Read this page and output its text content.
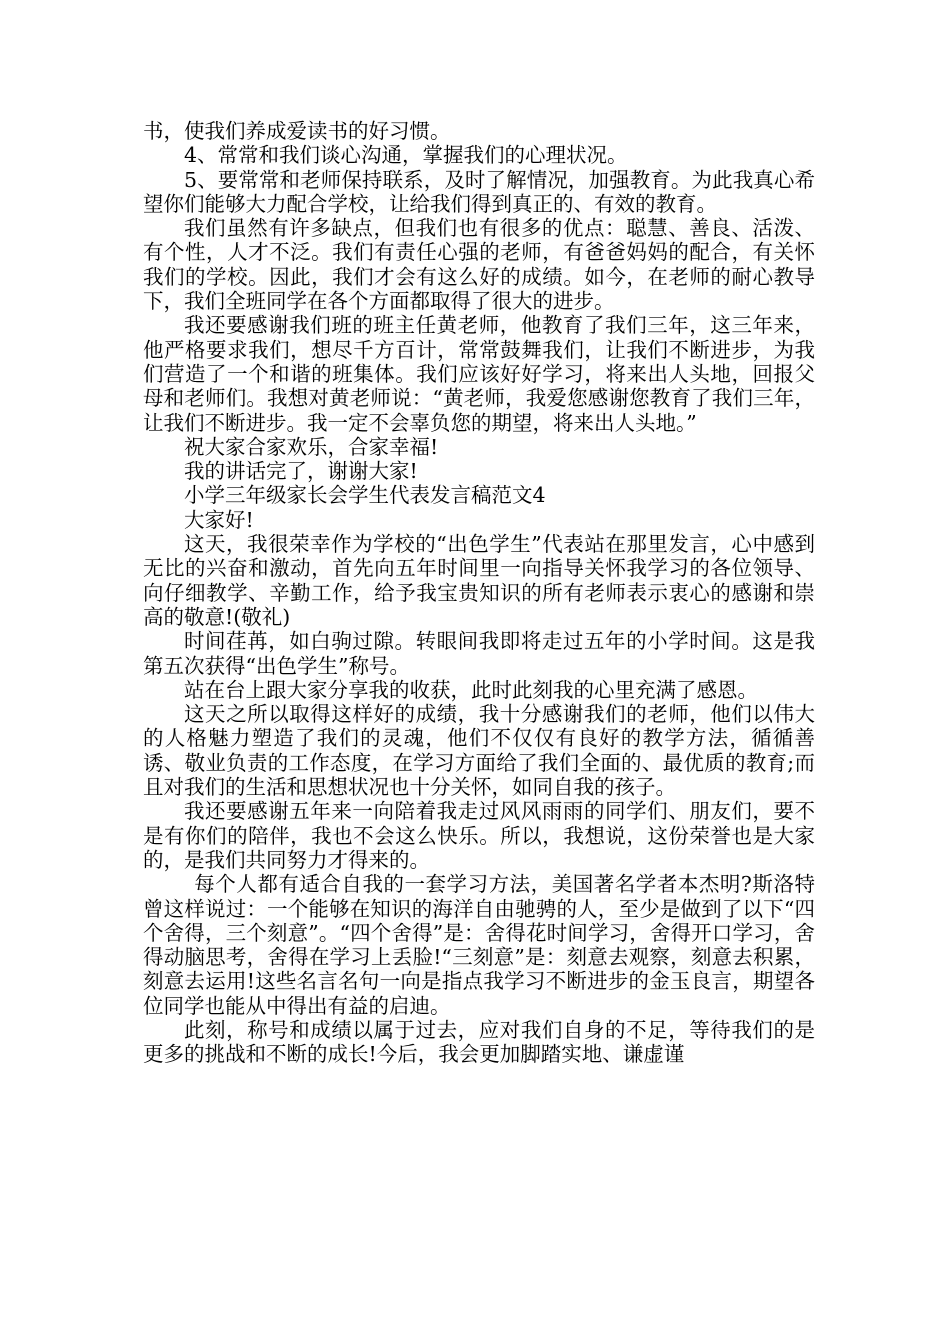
书，使我们养成爱读书的好习惯。

4、常常和我们谈心沟通，掌握我们的心理状况。

5、要常常和老师保持联系，及时了解情况，加强教育。为此我真心希望你们能够大力配合学校，让给我们得到真正的、有效的教育。

我们虽然有许多缺点，但我们也有很多的优点：聪慧、善良、活泼、有个性，人才不泛。我们有责任心强的老师，有爸爸妈妈的配合，有关怀我们的学校。因此，我们才会有这么好的成绩。如今，在老师的耐心教导下，我们全班同学在各个方面都取得了很大的进步。

我还要感谢我们班的班主任黄老师，他教育了我们三年，这三年来，他严格要求我们，想尽千方百计，常常鼓舞我们，让我们不断进步，为我们营造了一个和谐的班集体。我们应该好好学习，将来出人头地，回报父母和老师们。我想对黄老师说：“黄老师，我爱您感谢您教育了我们三年，让我们不断进步。我一定不会辜负您的期望，将来出人头地。”

祝大家合家欢乐，合家幸福!

我的讲话完了，谢谢大家!

小学三年级家长会学生代表发言稿范文4

大家好!

这天，我很荣幸作为学校的“出色学生”代表站在那里发言，心中感到无比的兴奋和激动，首先向五年时间里一向指导关怀我学习的各位领导、向仔细教学、辛勤工作，给予我宝贵知识的所有老师表示衷心的感谢和崇高的敬意!(敬礼)

时间荏苒，如白驹过隙。转眼间我即将走过五年的小学时间。这是我第五次获得“出色学生”称号。

站在台上跟大家分享我的收获，此时此刻我的心里充满了感恩。

这天之所以取得这样好的成绩，我十分感谢我们的老师，他们以伟大的人格魅力塑造了我们的灵魂，他们不仅仅有良好的教学方法，循循善诱、敬业负责的工作态度，在学习方面给了我们全面的、最优质的教育;而且对我们的生活和思想状况也十分关怀，如同自我的孩子。

我还要感谢五年来一向陪着我走过风风雨雨的同学们、朋友们，要不是有你们的陪伴，我也不会这么快乐。所以，我想说，这份荣誉也是大家的，是我们共同努力才得来的。

每个人都有适合自我的一套学习方法，美国著名学者本杰明?斯洛特曾这样说过：一个能够在知识的海洋自由驰骋的人，至少是做到了以下“四个舍得，三个刻意”。“四个舍得”是：舍得花时间学习，舍得开口学习，舍得动脑思考，舍得在学习上丢脸!“三刻意”是：刻意去观察，刻意去积累，刻意去运用!这些名言名句一向是指点我学习不断进步的金玉良言，期望各位同学也能从中得出有益的启迪。

此刻，称号和成绩以属于过去，应对我们自身的不足，等待我们的是更多的挑战和不断的成长!今后，我会更加脚踏实地、谦虚谨
